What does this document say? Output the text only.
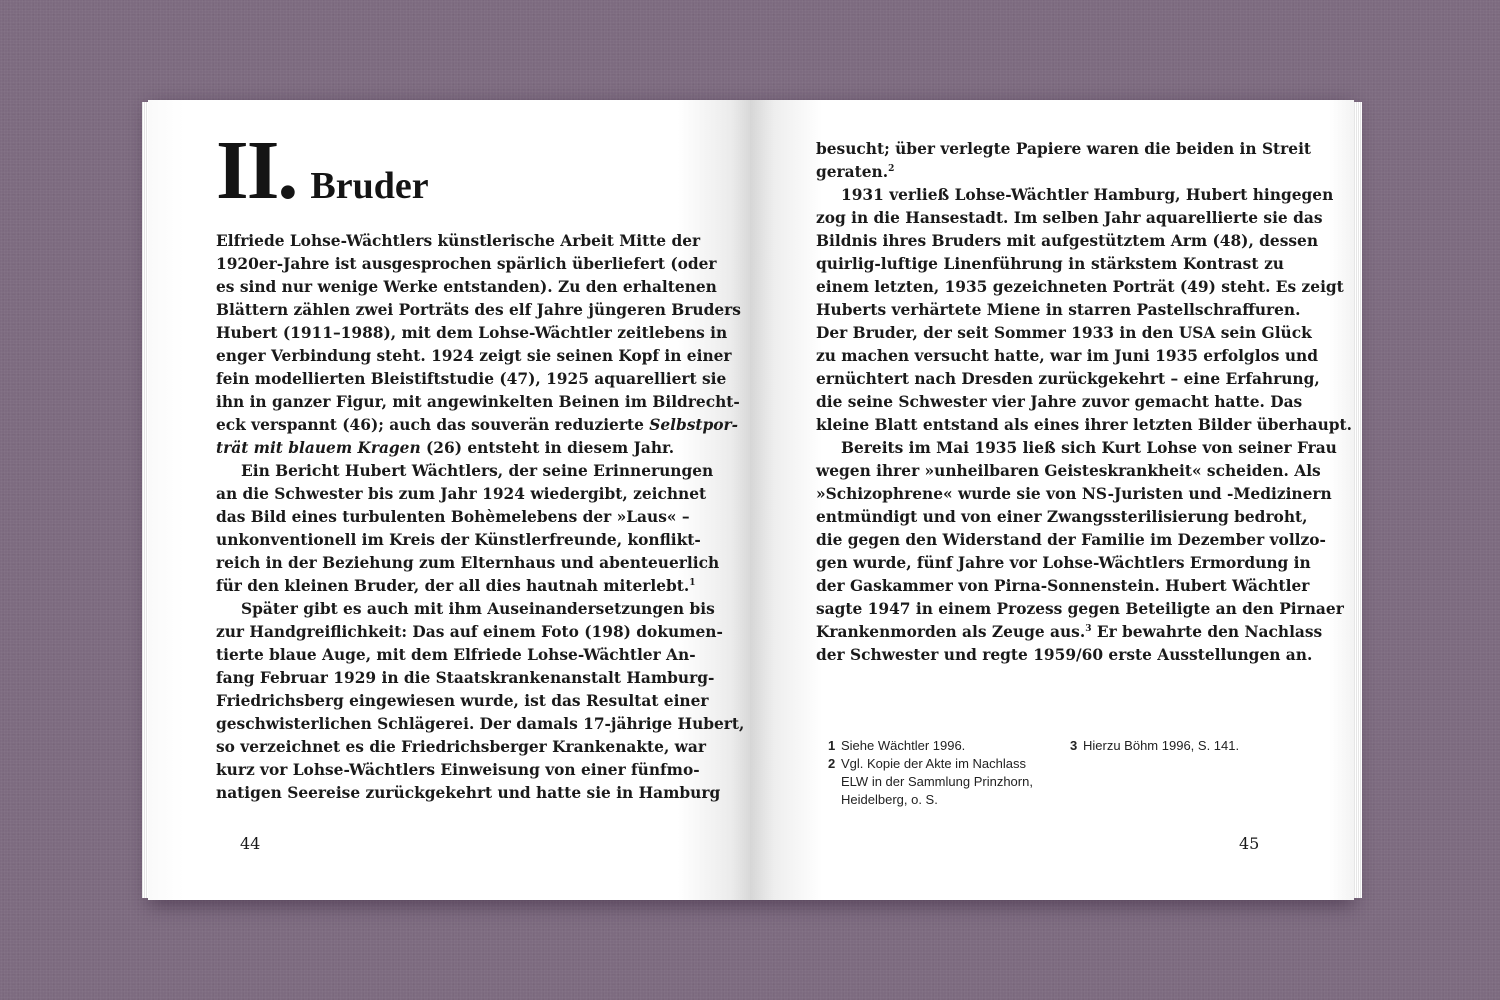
II. Bruder
Elfriede Lohse-Wächtlers künstlerische Arbeit Mitte der
1920er-Jahre ist ausgesprochen spärlich überliefert (oder
es sind nur wenige Werke entstanden). Zu den erhaltenen
Blättern zählen zwei Porträts des elf Jahre jüngeren Bruders
Hubert (1911–1988), mit dem Lohse-Wächtler zeitlebens in
enger Verbindung steht. 1924 zeigt sie seinen Kopf in einer
fein modellierten Bleistiftstudie (47), 1925 aquarelliert sie
ihn in ganzer Figur, mit angewinkelten Beinen im Bildrecht-
eck verspannt (46); auch das souverän reduzierte Selbstpor-
trät mit blauem Kragen (26) entsteht in diesem Jahr.
Ein Bericht Hubert Wächtlers, der seine Erinnerungen
an die Schwester bis zum Jahr 1924 wiedergibt, zeichnet
das Bild eines turbulenten Bohèmelebens der »Laus« –
unkonventionell im Kreis der Künstlerfreunde, konflikt-
reich in der Beziehung zum Elternhaus und abenteuerlich
für den kleinen Bruder, der all dies hautnah miterlebt.$^1$
Später gibt es auch mit ihm Auseinandersetzungen bis
zur Handgreiflichkeit: Das auf einem Foto (198) dokumen-
tierte blaue Auge, mit dem Elfriede Lohse-Wächtler An-
fang Februar 1929 in die Staatskrankenanstalt Hamburg-
Friedrichsberg eingewiesen wurde, ist das Resultat einer
geschwisterlichen Schlägerei. Der damals 17-jährige Hubert,
so verzeichnet es die Friedrichsberger Krankenakte, war
kurz vor Lohse-Wächtlers Einweisung von einer fünfmo-
natigen Seereise zurückgekehrt und hatte sie in Hamburg
44
besucht; über verlegte Papiere waren die beiden in Streit
geraten.$^2$
1931 verließ Lohse-Wächtler Hamburg, Hubert hingegen
zog in die Hansestadt. Im selben Jahr aquarellierte sie das
Bildnis ihres Bruders mit aufgestütztem Arm (48), dessen
quirlig-luftige Linenführung in stärkstem Kontrast zu
einem letzten, 1935 gezeichneten Porträt (49) steht. Es zeigt
Huberts verhärtete Miene in starren Pastellschraffuren.
Der Bruder, der seit Sommer 1933 in den USA sein Glück
zu machen versucht hatte, war im Juni 1935 erfolglos und
ernüchtert nach Dresden zurückgekehrt – eine Erfahrung,
die seine Schwester vier Jahre zuvor gemacht hatte. Das
kleine Blatt entstand als eines ihrer letzten Bilder überhaupt.
Bereits im Mai 1935 ließ sich Kurt Lohse von seiner Frau
wegen ihrer »unheilbaren Geisteskrankheit« scheiden. Als
»Schizophrene« wurde sie von NS-Juristen und -Medizinern
entmündigt und von einer Zwangssterilisierung bedroht,
die gegen den Widerstand der Familie im Dezember vollzo-
gen wurde, fünf Jahre vor Lohse-Wächtlers Ermordung in
der Gaskammer von Pirna-Sonnenstein. Hubert Wächtler
sagte 1947 in einem Prozess gegen Beteiligte an den Pirnaer
Krankenmorden als Zeuge aus.$^3$ Er bewahrte den Nachlass
der Schwester und regte 1959/60 erste Ausstellungen an.
1 Siehe Wächtler 1996.
2 Vgl. Kopie der Akte im Nachlass
ELW in der Sammlung Prinzhorn,
Heidelberg, o. S.
3 Hierzu Böhm 1996, S. 141.
45
